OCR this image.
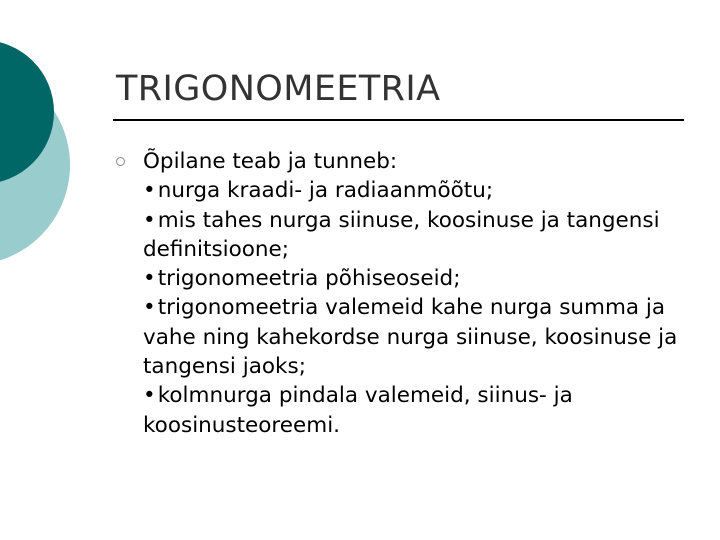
TRIGONOMEETRIA

Õpilane teab ja tunneb:

•nurga kraadi- ja radiaanmõõtu;

•mis tahes nurga siinuse, koosinuse ja tangensi definitsioone;

•trigonomeetria põhiseoseid;

•trigonomeetria valemeid kahe nurga summa ja vahe ning kahekordse nurga siinuse, koosinuse ja tangensi jaoks;

•kolmnurga pindala valemeid, siinus- ja koosinusteoreemi.
